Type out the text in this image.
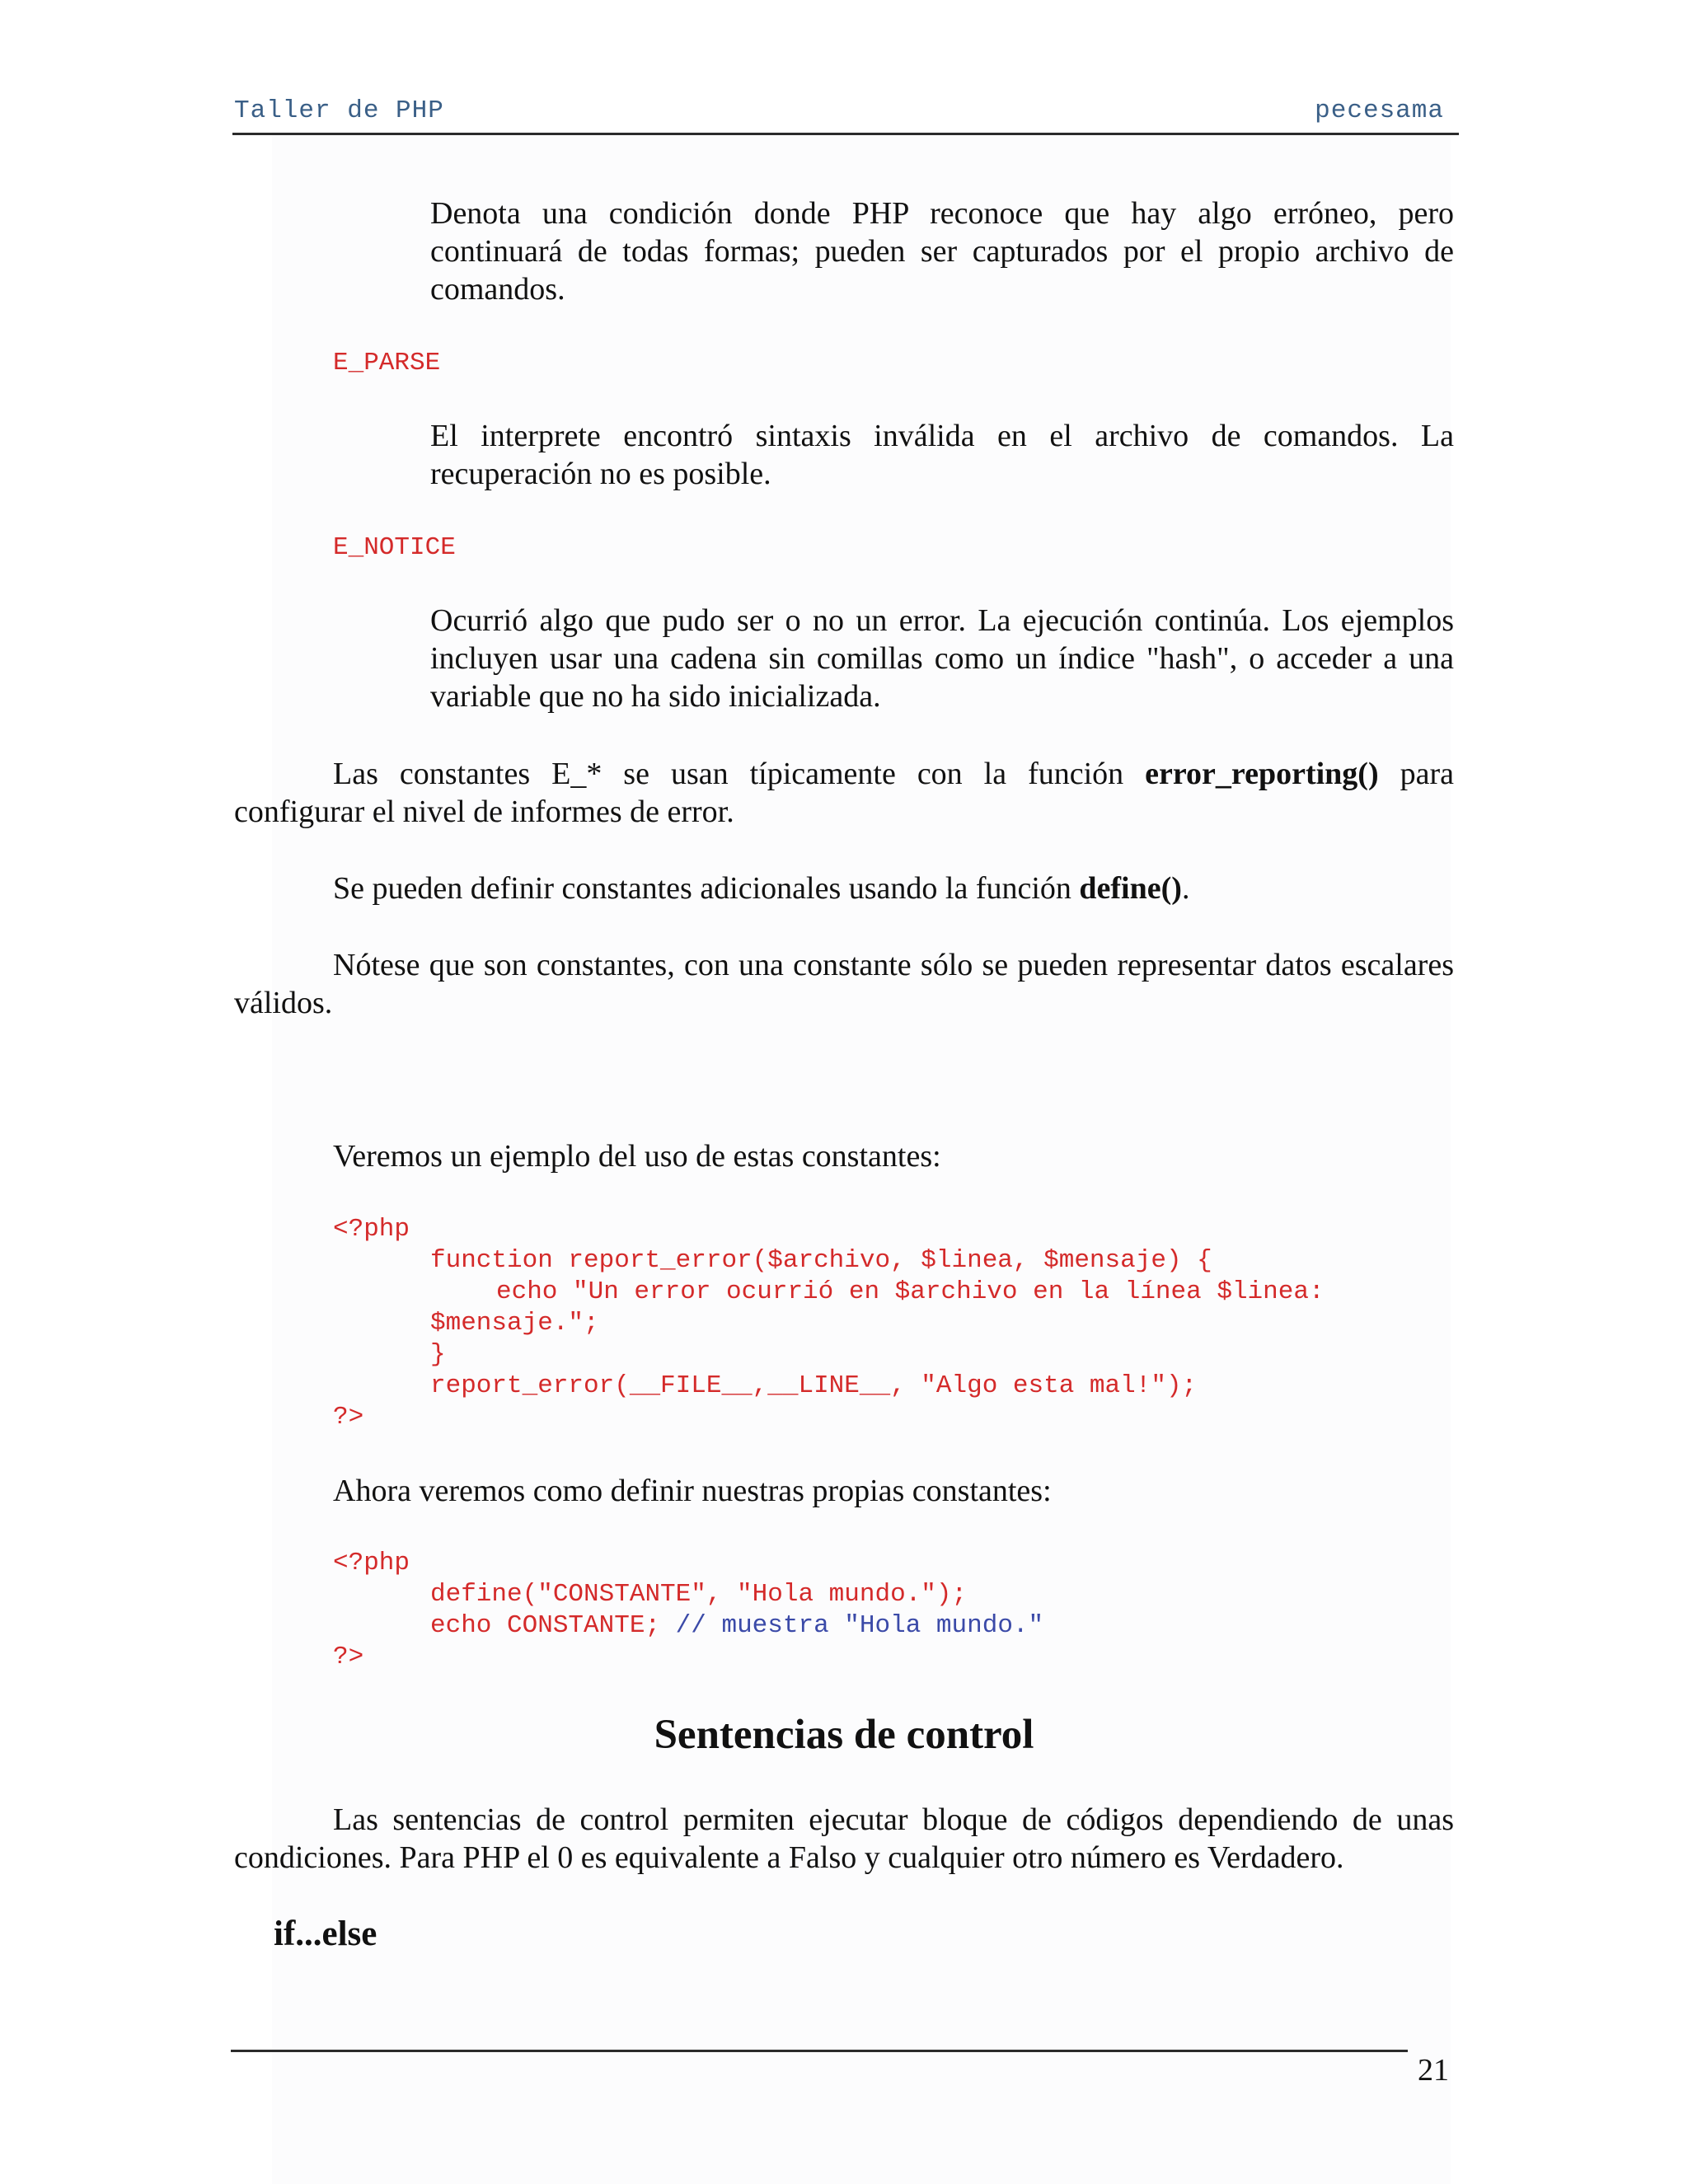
Taller de PHP	pecesama

Denota una condición donde PHP reconoce que hay algo erróneo, pero continuará de todas formas; pueden ser capturados por el propio archivo de comandos.

E_PARSE

El interprete encontró sintaxis inválida en el archivo de comandos. La recuperación no es posible.

E_NOTICE

Ocurrió algo que pudo ser o no un error. La ejecución continúa. Los ejemplos incluyen usar una cadena sin comillas como un índice "hash", o acceder a una variable que no ha sido inicializada.

Las constantes E_* se usan típicamente con la función error_reporting() para configurar el nivel de informes de error.

Se pueden definir constantes adicionales usando la función define().

Nótese que son constantes, con una constante sólo se pueden representar datos escalares válidos.

Veremos un ejemplo del uso de estas constantes:

<?php
function report_error($archivo, $linea, $mensaje) {
echo "Un error ocurrió en $archivo en la línea $linea:
$mensaje.";
}
report_error(__FILE__,__LINE__, "Algo esta mal!");
?>

Ahora veremos como definir nuestras propias constantes:

<?php
define("CONSTANTE", "Hola mundo.");
echo CONSTANTE; // muestra "Hola mundo."
?>
Sentencias de control

Las sentencias de control permiten ejecutar bloque de códigos dependiendo de unas condiciones. Para PHP el 0 es equivalente a Falso y cualquier otro número es Verdadero.

if...else
21
